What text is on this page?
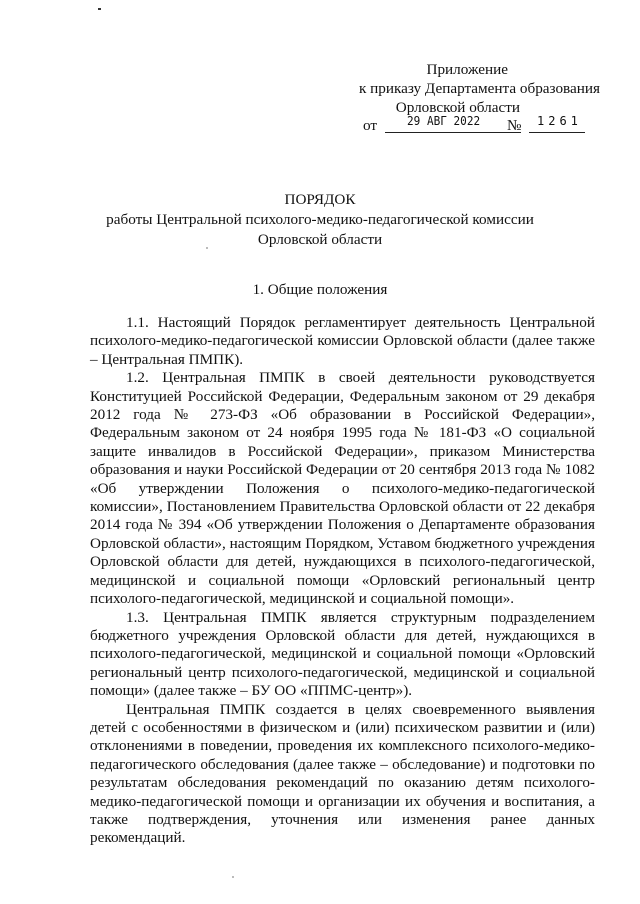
Приложение
к приказу Департамента образования
Орловской области
от 29 АВГ 2022 № 1261
ПОРЯДОК
работы Центральной психолого-медико-педагогической комиссии
Орловской области
1. Общие положения

1.1. Настоящий Порядок регламентирует деятельность Центральной психолого-медико-педагогической комиссии Орловской области (далее также – Центральная ПМПК).

1.2. Центральная ПМПК в своей деятельности руководствуется Конституцией Российской Федерации, Федеральным законом от 29 декабря 2012 года № 273-ФЗ «Об образовании в Российской Федерации», Федеральным законом от 24 ноября 1995 года № 181-ФЗ «О социальной защите инвалидов в Российской Федерации», приказом Министерства образования и науки Российской Федерации от 20 сентября 2013 года № 1082 «Об утверждении Положения о психолого-медико-педагогической комиссии», Постановлением Правительства Орловской области от 22 декабря 2014 года № 394 «Об утверждении Положения о Департаменте образования Орловской области», настоящим Порядком, Уставом бюджетного учреждения Орловской области для детей, нуждающихся в психолого-педагогической, медицинской и социальной помощи «Орловский региональный центр психолого-педагогической, медицинской и социальной помощи».

1.3. Центральная ПМПК является структурным подразделением бюджетного учреждения Орловской области для детей, нуждающихся в психолого-педагогической, медицинской и социальной помощи «Орловский региональный центр психолого-педагогической, медицинской и социальной помощи» (далее также – БУ ОО «ППМС-центр»).

Центральная ПМПК создается в целях своевременного выявления детей с особенностями в физическом и (или) психическом развитии и (или) отклонениями в поведении, проведения их комплексного психолого-медико-педагогического обследования (далее также – обследование) и подготовки по результатам обследования рекомендаций по оказанию детям психолого-медико-педагогической помощи и организации их обучения и воспитания, а также подтверждения, уточнения или изменения ранее данных рекомендаций.
